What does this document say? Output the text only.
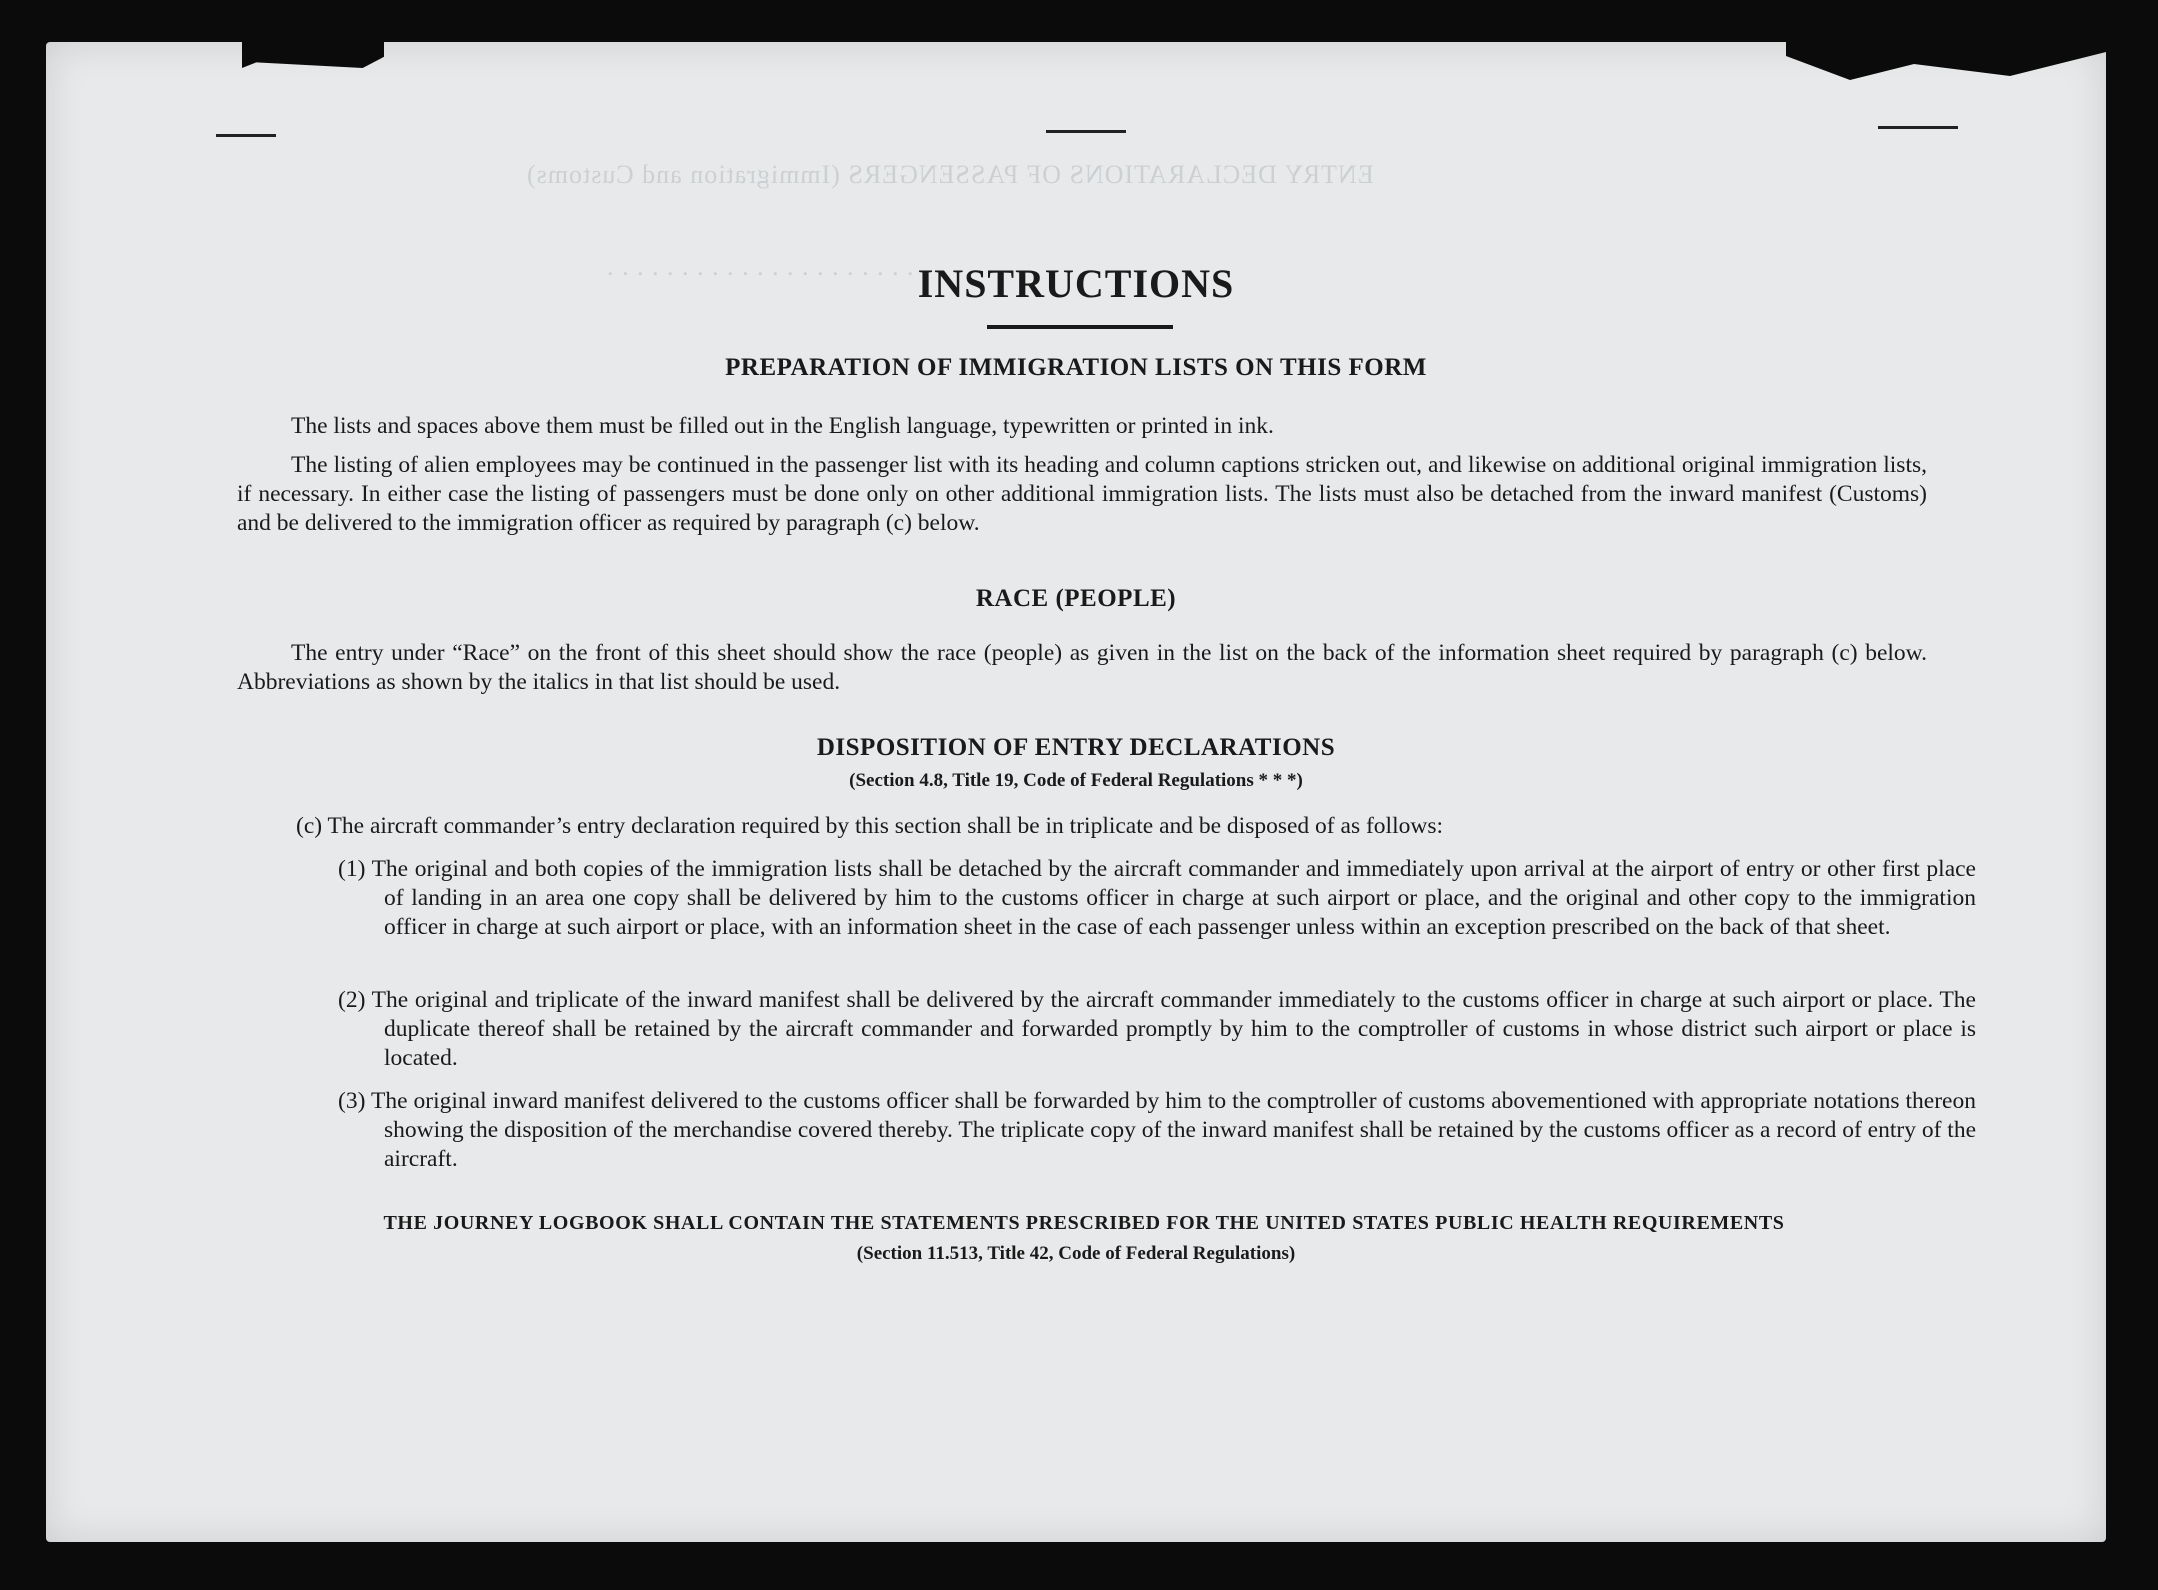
ENTRY DECLARATIONS OF PASSENGERS (Immigration and Customs)
. . . . . . . . . . . . . . . . . . . . . .
INSTRUCTIONS
PREPARATION OF IMMIGRATION LISTS ON THIS FORM
The lists and spaces above them must be filled out in the English language, typewritten or printed in ink.
The listing of alien employees may be continued in the passenger list with its heading and column captions stricken out, and likewise on additional original immigration lists, if necessary. In either case the listing of passengers must be done only on other additional immigration lists. The lists must also be detached from the inward manifest (Customs) and be delivered to the immigration officer as required by paragraph (c) below.
RACE (PEOPLE)
The entry under “Race” on the front of this sheet should show the race (people) as given in the list on the back of the information sheet required by paragraph (c) below. Abbreviations as shown by the italics in that list should be used.
DISPOSITION OF ENTRY DECLARATIONS
(Section 4.8, Title 19, Code of Federal Regulations * * *)
(c) The aircraft commander’s entry declaration required by this section shall be in triplicate and be disposed of as follows:
(1) The original and both copies of the immigration lists shall be detached by the aircraft commander and immediately upon arrival at the airport of entry or other first place of landing in an area one copy shall be delivered by him to the customs officer in charge at such airport or place, and the original and other copy to the immigration officer in charge at such airport or place, with an information sheet in the case of each passenger unless within an exception prescribed on the back of that sheet.
(2) The original and triplicate of the inward manifest shall be delivered by the aircraft commander immediately to the customs officer in charge at such airport or place. The duplicate thereof shall be retained by the aircraft commander and forwarded promptly by him to the comptroller of customs in whose district such airport or place is located.
(3) The original inward manifest delivered to the customs officer shall be forwarded by him to the comptroller of customs abovementioned with appropriate notations thereon showing the disposition of the merchandise covered thereby. The triplicate copy of the inward manifest shall be retained by the customs officer as a record of entry of the aircraft.
THE JOURNEY LOGBOOK SHALL CONTAIN THE STATEMENTS PRESCRIBED FOR THE UNITED STATES PUBLIC HEALTH REQUIREMENTS
(Section 11.513, Title 42, Code of Federal Regulations)
